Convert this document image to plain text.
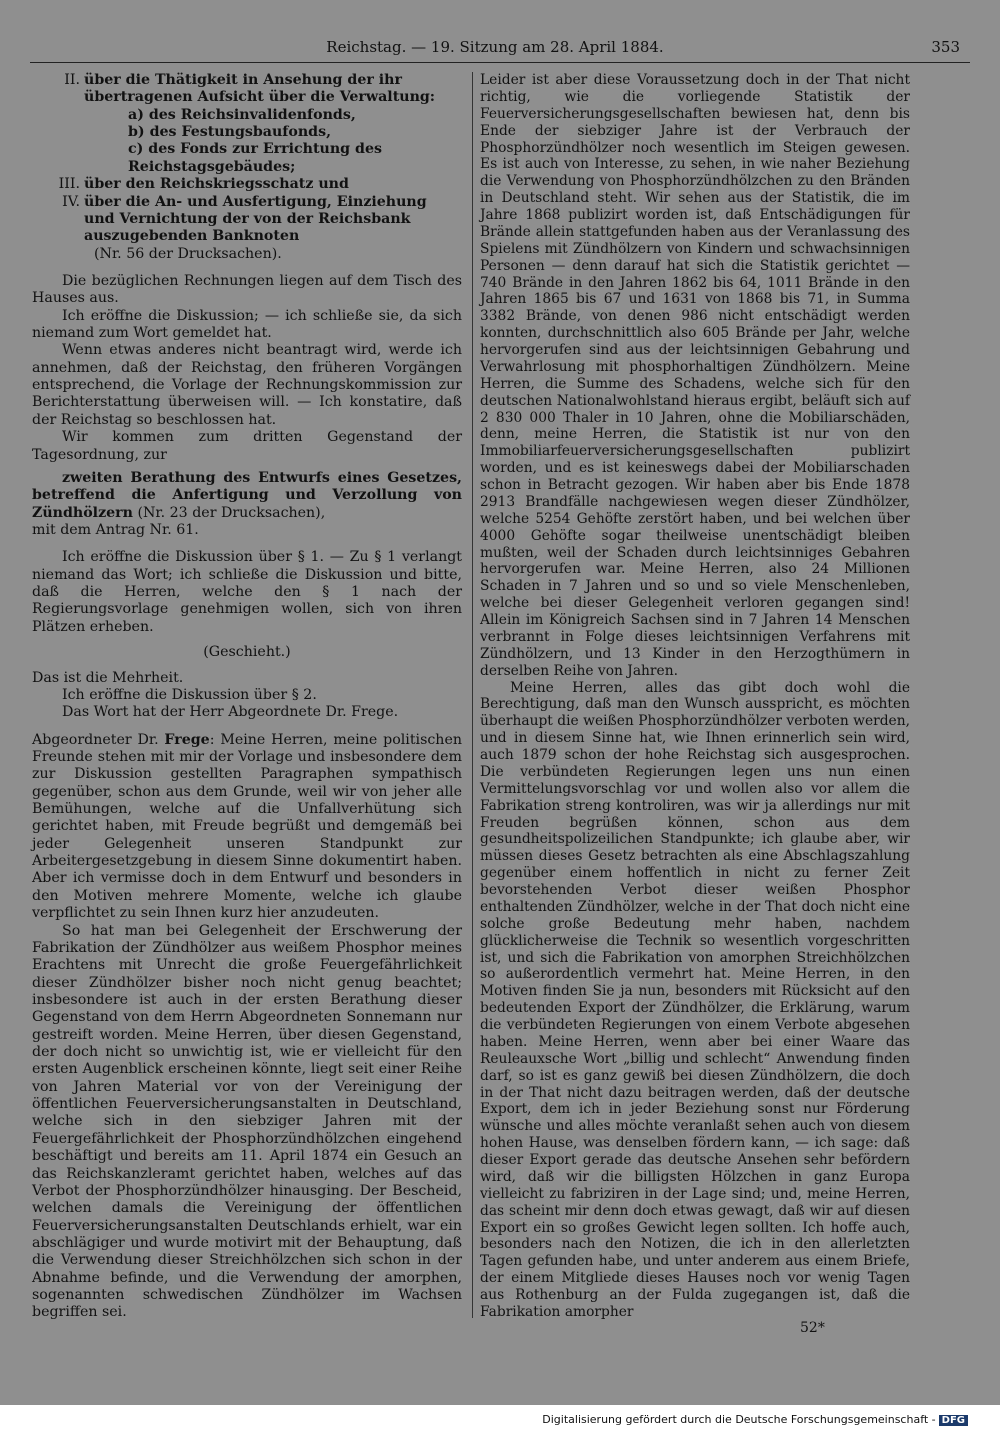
Reichstag. — 19. Sitzung am 28. April 1884.	353
II. über die Thätigkeit in Ansehung der ihr übertragenen Aufsicht über die Verwaltung:
a) des Reichsinvalidenfonds,
b) des Festungsbaufonds,
c) des Fonds zur Errichtung des Reichstagsgebäudes;
III. über den Reichskriegsschatz und
IV. über die An- und Ausfertigung, Einziehung und Vernichtung der von der Reichsbank auszugebenden Banknoten
(Nr. 56 der Drucksachen).

Die bezüglichen Rechnungen liegen auf dem Tisch des Hauses aus.

Ich eröffne die Diskussion; — ich schließe sie, da sich niemand zum Wort gemeldet hat.

Wenn etwas anderes nicht beantragt wird, werde ich annehmen, daß der Reichstag, den früheren Vorgängen entsprechend, die Vorlage der Rechnungskommission zur Berichterstattung überweisen will. — Ich konstatire, daß der Reichstag so beschlossen hat.

Wir kommen zum dritten Gegenstand der Tagesordnung, zur

zweiten Berathung des Entwurfs eines Gesetzes, betreffend die Anfertigung und Verzollung von Zündhölzern (Nr. 23 der Drucksachen),

mit dem Antrag Nr. 61.

Ich eröffne die Diskussion über § 1. — Zu § 1 verlangt niemand das Wort; ich schließe die Diskussion und bitte, daß die Herren, welche den § 1 nach der Regierungsvorlage genehmigen wollen, sich von ihren Plätzen erheben.

(Geschieht.)

Das ist die Mehrheit.

Ich eröffne die Diskussion über § 2.

Das Wort hat der Herr Abgeordnete Dr. Frege.

Abgeordneter Dr. Frege: Meine Herren, meine politischen Freunde stehen mit mir der Vorlage und insbesondere dem zur Diskussion gestellten Paragraphen sympathisch gegenüber, schon aus dem Grunde, weil wir von jeher alle Bemühungen, welche auf die Unfallverhütung sich gerichtet haben, mit Freude begrüßt und demgemäß bei jeder Gelegenheit unseren Standpunkt zur Arbeitergesetzgebung in diesem Sinne dokumentirt haben. Aber ich vermisse doch in dem Entwurf und besonders in den Motiven mehrere Momente, welche ich glaube verpflichtet zu sein Ihnen kurz hier anzudeuten.

So hat man bei Gelegenheit der Erschwerung der Fabrikation der Zündhölzer aus weißem Phosphor meines Erachtens mit Unrecht die große Feuergefährlichkeit dieser Zündhölzer bisher noch nicht genug beachtet; insbesondere ist auch in der ersten Berathung dieser Gegenstand von dem Herrn Abgeordneten Sonnemann nur gestreift worden. Meine Herren, über diesen Gegenstand, der doch nicht so unwichtig ist, wie er vielleicht für den ersten Augenblick erscheinen könnte, liegt seit einer Reihe von Jahren Material vor von der Vereinigung der öffentlichen Feuerversicherungsanstalten in Deutschland, welche sich in den siebziger Jahren mit der Feuergefährlichkeit der Phosphorzündhölzchen eingehend beschäftigt und bereits am 11. April 1874 ein Gesuch an das Reichskanzleramt gerichtet haben, welches auf das Verbot der Phosphorzündhölzer hinausging. Der Bescheid, welchen damals die Vereinigung der öffentlichen Feuerversicherungsanstalten Deutschlands erhielt, war ein abschlägiger und wurde motivirt mit der Behauptung, daß die Verwendung dieser Streichhölzchen sich schon in der Abnahme befinde, und die Verwendung der amorphen, sogenannten schwedischen Zündhölzer im Wachsen begriffen sei.

Leider ist aber diese Voraussetzung doch in der That nicht richtig, wie die vorliegende Statistik der Feuerversicherungsgesellschaften bewiesen hat, denn bis Ende der siebziger Jahre ist der Verbrauch der Phosphorzündhölzer noch wesentlich im Steigen gewesen. Es ist auch von Interesse, zu sehen, in wie naher Beziehung die Verwendung von Phosphorzündhölzchen zu den Bränden in Deutschland steht. Wir sehen aus der Statistik, die im Jahre 1868 publizirt worden ist, daß Entschädigungen für Brände allein stattgefunden haben aus der Veranlassung des Spielens mit Zündhölzern von Kindern und schwachsinnigen Personen — denn darauf hat sich die Statistik gerichtet — 740 Brände in den Jahren 1862 bis 64, 1011 Brände in den Jahren 1865 bis 67 und 1631 von 1868 bis 71, in Summa 3382 Brände, von denen 986 nicht entschädigt werden konnten, durchschnittlich also 605 Brände per Jahr, welche hervorgerufen sind aus der leichtsinnigen Gebahrung und Verwahrlosung mit phosphorhaltigen Zündhölzern. Meine Herren, die Summe des Schadens, welche sich für den deutschen Nationalwohlstand hieraus ergibt, beläuft sich auf 2 830 000 Thaler in 10 Jahren, ohne die Mobiliarschäden, denn, meine Herren, die Statistik ist nur von den Immobiliarfeuerversicherungsgesellschaften publizirt worden, und es ist keineswegs dabei der Mobiliarschaden schon in Betracht gezogen. Wir haben aber bis Ende 1878 2913 Brandfälle nachgewiesen wegen dieser Zündhölzer, welche 5254 Gehöfte zerstört haben, und bei welchen über 4000 Gehöfte sogar theilweise unentschädigt bleiben mußten, weil der Schaden durch leichtsinniges Gebahren hervorgerufen war. Meine Herren, also 24 Millionen Schaden in 7 Jahren und so und so viele Menschenleben, welche bei dieser Gelegenheit verloren gegangen sind! Allein im Königreich Sachsen sind in 7 Jahren 14 Menschen verbrannt in Folge dieses leichtsinnigen Verfahrens mit Zündhölzern, und 13 Kinder in den Herzogthümern in derselben Reihe von Jahren.

Meine Herren, alles das gibt doch wohl die Berechtigung, daß man den Wunsch ausspricht, es möchten überhaupt die weißen Phosphorzündhölzer verboten werden, und in diesem Sinne hat, wie Ihnen erinnerlich sein wird, auch 1879 schon der hohe Reichstag sich ausgesprochen. Die verbündeten Regierungen legen uns nun einen Vermittelungsvorschlag vor und wollen also vor allem die Fabrikation streng kontroliren, was wir ja allerdings nur mit Freuden begrüßen können, schon aus dem gesundheitspolizeilichen Standpunkte; ich glaube aber, wir müssen dieses Gesetz betrachten als eine Abschlagszahlung gegenüber einem hoffentlich in nicht zu ferner Zeit bevorstehenden Verbot dieser weißen Phosphor enthaltenden Zündhölzer, welche in der That doch nicht eine solche große Bedeutung mehr haben, nachdem glücklicherweise die Technik so wesentlich vorgeschritten ist, und sich die Fabrikation von amorphen Streichhölzchen so außerordentlich vermehrt hat. Meine Herren, in den Motiven finden Sie ja nun, besonders mit Rücksicht auf den bedeutenden Export der Zündhölzer, die Erklärung, warum die verbündeten Regierungen von einem Verbote abgesehen haben. Meine Herren, wenn aber bei einer Waare das Reuleauxsche Wort „billig und schlecht“ Anwendung finden darf, so ist es ganz gewiß bei diesen Zündhölzern, die doch in der That nicht dazu beitragen werden, daß der deutsche Export, dem ich in jeder Beziehung sonst nur Förderung wünsche und alles möchte veranlaßt sehen auch von diesem hohen Hause, was denselben fördern kann, — ich sage: daß dieser Export gerade das deutsche Ansehen sehr befördern wird, daß wir die billigsten Hölzchen in ganz Europa vielleicht zu fabriziren in der Lage sind; und, meine Herren, das scheint mir denn doch etwas gewagt, daß wir auf diesen Export ein so großes Gewicht legen sollten. Ich hoffe auch, besonders nach den Notizen, die ich in den allerletzten Tagen gefunden habe, und unter anderem aus einem Briefe, der einem Mitgliede dieses Hauses noch vor wenig Tagen aus Rothenburg an der Fulda zugegangen ist, daß die Fabrikation amorpher

52*
Digitalisierung gefördert durch die Deutsche Forschungsgemeinschaft - DFG
